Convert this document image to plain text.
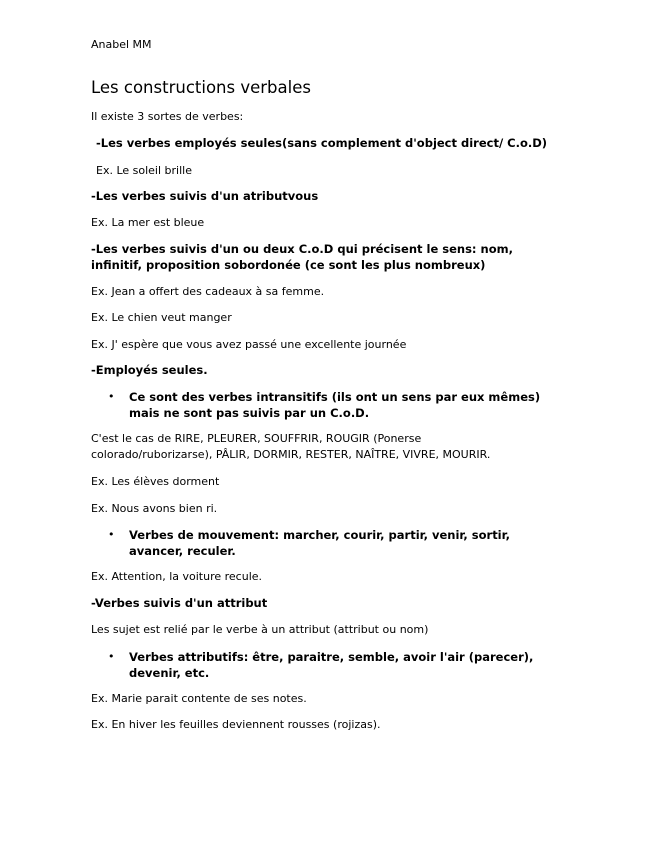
Anabel MM
Les constructions verbales
Il existe 3 sortes de verbes:
-Les verbes employés seules(sans complement d'object direct/ C.o.D)
Ex. Le soleil brille
-Les verbes suivis d'un atributvous
Ex. La mer est bleue
-Les verbes suivis d'un ou deux C.o.D qui précisent le sens: nom,
infinitif, proposition sobordonée (ce sont les plus nombreux)
Ex. Jean a offert des cadeaux à sa femme.
Ex. Le chien veut manger
Ex. J' espère que vous avez passé une excellente journée
-Employés seules.
• Ce sont des verbes intransitifs (ils ont un sens par eux mêmes)
mais ne sont pas suivis par un C.o.D.
C'est le cas de RIRE, PLEURER, SOUFFRIR, ROUGIR (Ponerse
colorado/ruborizarse), PÂLIR, DORMIR, RESTER, NAÎTRE, VIVRE, MOURIR.
Ex. Les élèves dorment
Ex. Nous avons bien ri.
• Verbes de mouvement: marcher, courir, partir, venir, sortir,
avancer, reculer.
Ex. Attention, la voiture recule.
-Verbes suivis d'un attribut
Les sujet est relié par le verbe à un attribut (attribut ou nom)
• Verbes attributifs: être, paraitre, semble, avoir l'air (parecer),
devenir, etc.
Ex. Marie parait contente de ses notes.
Ex. En hiver les feuilles deviennent rousses (rojizas).
